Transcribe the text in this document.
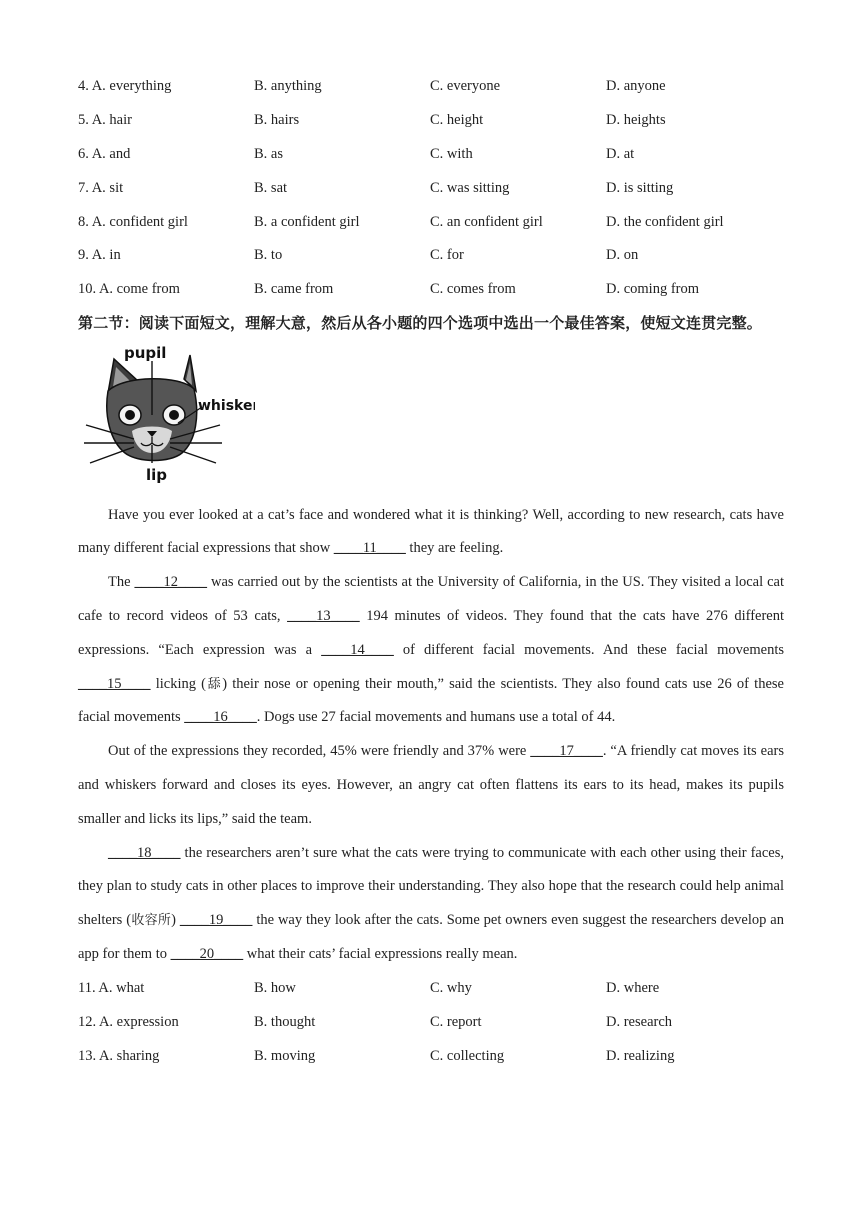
4. A. everything	B. anything	C. everyone	D. anyone
5. A. hair	B. hairs	C. height	D. heights
6. A. and	B. as	C. with	D. at
7. A. sit	B. sat	C. was sitting	D. is sitting
8. A. confident girl	B. a confident girl	C. an confident girl	D. the confident girl
9. A. in	B. to	C. for	D. on
10. A. come from	B. came from	C. comes from	D. coming from
第二节：阅读下面短文，理解大意，然后从各小题的四个选项中选出一个最佳答案，使短文连贯完整。
pupil
whisker
lip

Have you ever looked at a cat’s face and wondered what it is thinking? Well, according to new research, cats have many different facial expressions that show ____11____ they are feeling.

The ____12____ was carried out by the scientists at the University of California, in the US. They visited a local cat cafe to record videos of 53 cats, ____13____ 194 minutes of videos. They found that the cats have 276 different expressions. “Each expression was a ____14____ of different facial movements. And these facial movements ____15____ licking (舔) their nose or opening their mouth,” said the scientists. They also found cats use 26 of these facial movements ____16____. Dogs use 27 facial movements and humans use a total of 44.

Out of the expressions they recorded, 45% were friendly and 37% were ____17____. “A friendly cat moves its ears and whiskers forward and closes its eyes. However, an angry cat often flattens its ears to its head, makes its pupils smaller and licks its lips,” said the team.

____18____ the researchers aren’t sure what the cats were trying to communicate with each other using their faces, they plan to study cats in other places to improve their understanding. They also hope that the research could help animal shelters (收容所) ____19____ the way they look after the cats. Some pet owners even suggest the researchers develop an app for them to ____20____ what their cats’ facial expressions really mean.

11. A. what	B. how	C. why	D. where
12. A. expression	B. thought	C. report	D. research
13. A. sharing	B. moving	C. collecting	D. realizing
